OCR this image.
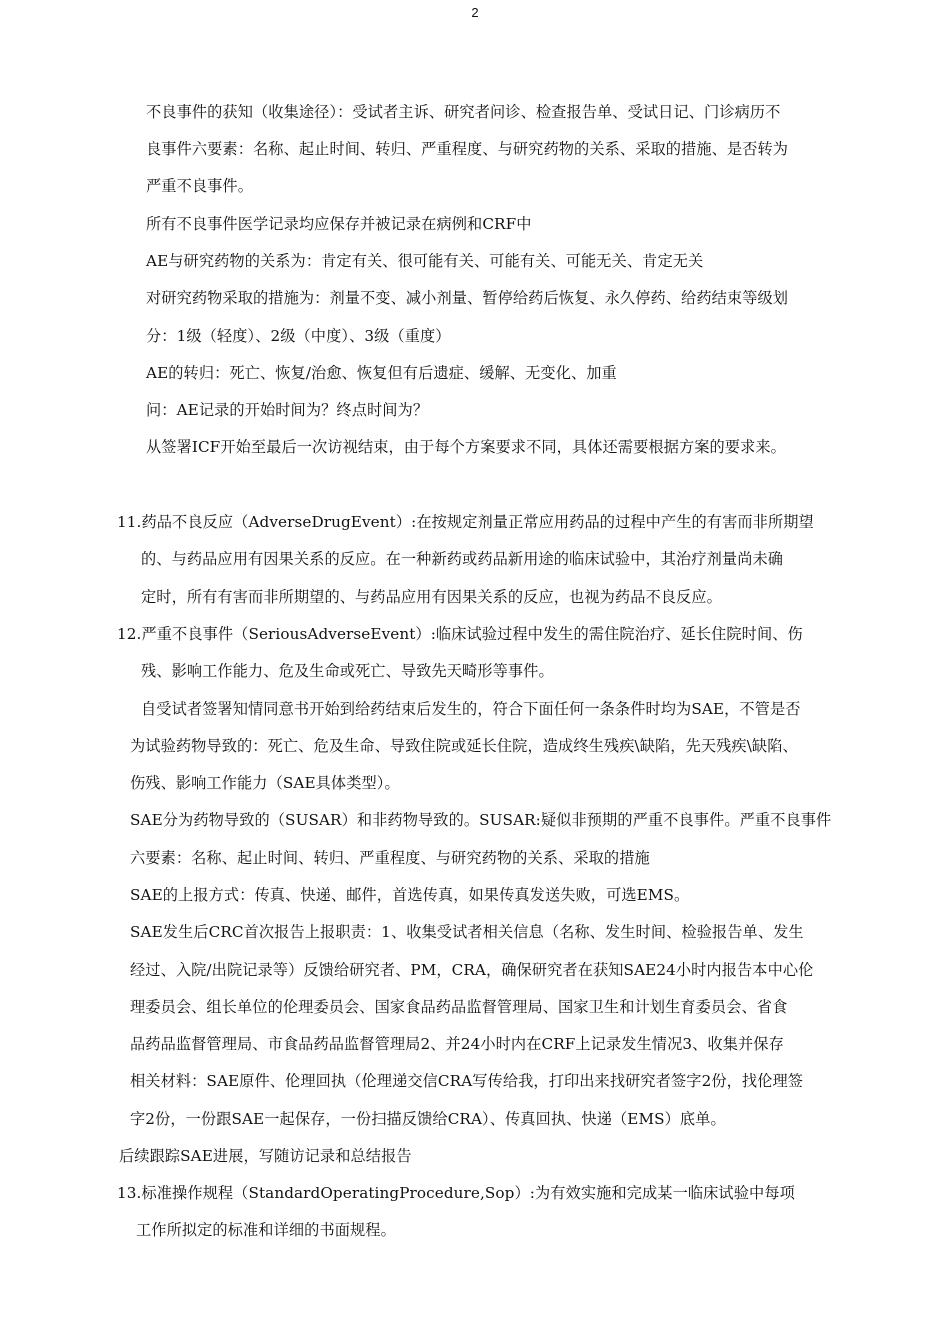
2
不良事件的获知（收集途径）：受试者主诉、研究者问诊、检查报告单、受试日记、门诊病历不
良事件六要素：名称、起止时间、转归、严重程度、与研究药物的关系、采取的措施、是否转为
严重不良事件。
所有不良事件医学记录均应保存并被记录在病例和CRF中
AE与研究药物的关系为：肯定有关、很可能有关、可能有关、可能无关、肯定无关
对研究药物采取的措施为：剂量不变、减小剂量、暂停给药后恢复、永久停药、给药结束等级划
分：1级（轻度）、2级（中度）、3级（重度）
AE的转归：死亡、恢复/治愈、恢复但有后遗症、缓解、无变化、加重
问：AE记录的开始时间为？终点时间为？
从签署ICF开始至最后一次访视结束，由于每个方案要求不同，具体还需要根据方案的要求来。
11.药品不良反应（AdverseDrugEvent）:在按规定剂量正常应用药品的过程中产生的有害而非所期望
的、与药品应用有因果关系的反应。在一种新药或药品新用途的临床试验中，其治疗剂量尚未确
定时，所有有害而非所期望的、与药品应用有因果关系的反应，也视为药品不良反应。
12.严重不良事件（SeriousAdverseEvent）:临床试验过程中发生的需住院治疗、延长住院时间、伤
残、影响工作能力、危及生命或死亡、导致先天畸形等事件。
自受试者签署知情同意书开始到给药结束后发生的，符合下面任何一条条件时均为SAE，不管是否
为试验药物导致的：死亡、危及生命、导致住院或延长住院，造成终生残疾\缺陷，先天残疾\缺陷、
伤残、影响工作能力（SAE具体类型）。
SAE分为药物导致的（SUSAR）和非药物导致的。SUSAR:疑似非预期的严重不良事件。严重不良事件
六要素：名称、起止时间、转归、严重程度、与研究药物的关系、采取的措施
SAE的上报方式：传真、快递、邮件，首选传真，如果传真发送失败，可选EMS。
SAE发生后CRC首次报告上报职责：1、收集受试者相关信息（名称、发生时间、检验报告单、发生
经过、入院/出院记录等）反馈给研究者、PM，CRA，确保研究者在获知SAE24小时内报告本中心伦
理委员会、组长单位的伦理委员会、国家食品药品监督管理局、国家卫生和计划生育委员会、省食
品药品监督管理局、市食品药品监督管理局2、并24小时内在CRF上记录发生情况3、收集并保存
相关材料：SAE原件、伦理回执（伦理递交信CRA写传给我，打印出来找研究者签字2份，找伦理签
字2份，一份跟SAE一起保存，一份扫描反馈给CRA）、传真回执、快递（EMS）底单。
后续跟踪SAE进展，写随访记录和总结报告
13.标准操作规程（StandardOperatingProcedure,Sop）:为有效实施和完成某一临床试验中每项
工作所拟定的标准和详细的书面规程。
